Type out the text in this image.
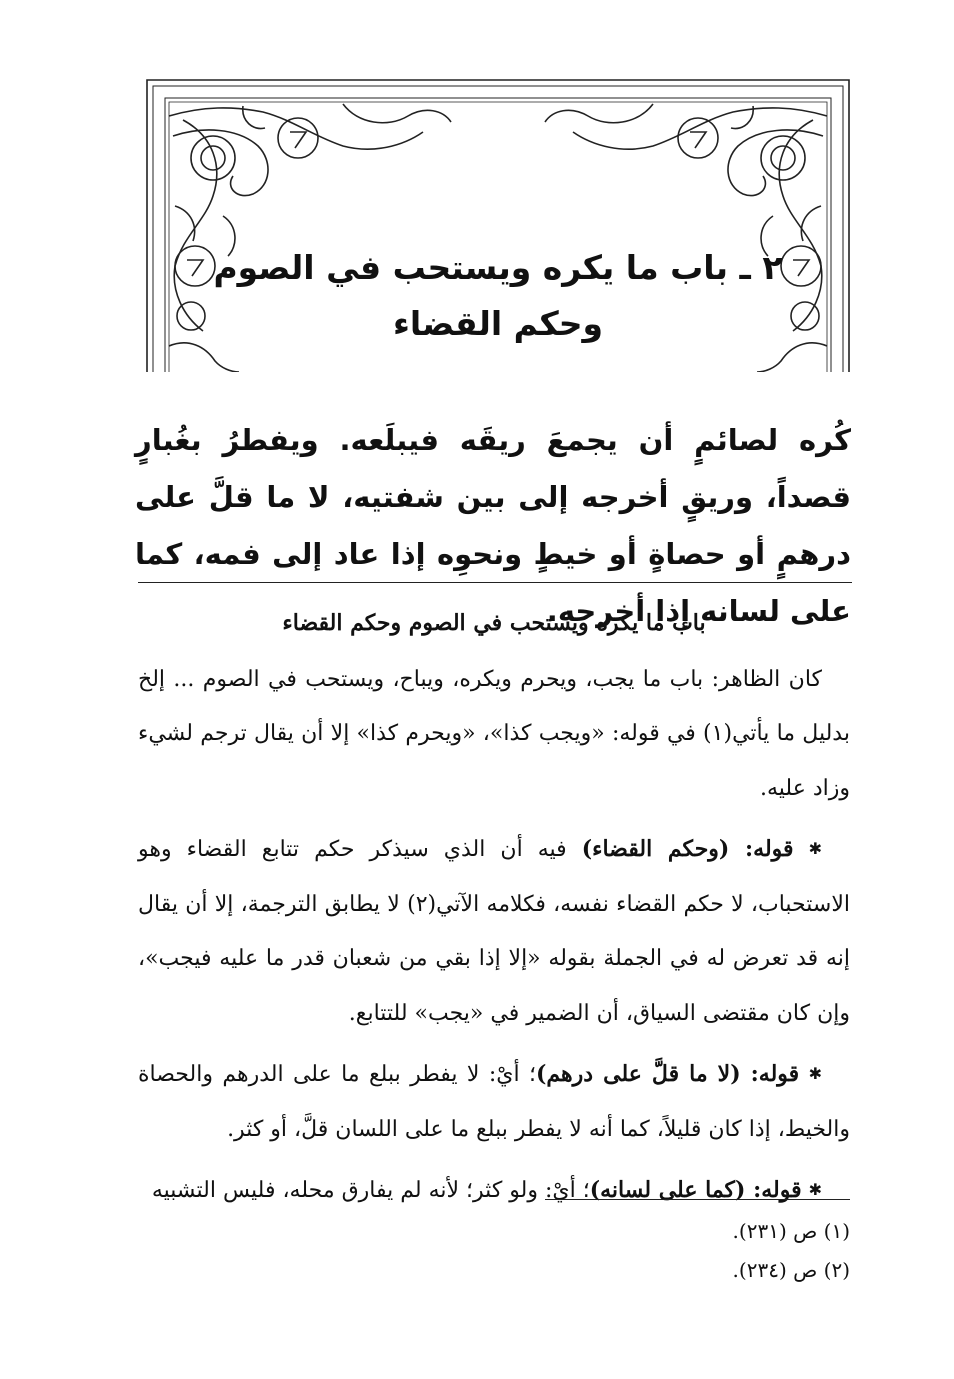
٢ ـ باب ما يكره ويستحب في الصوم
وحكم القضاء

كُره لصائمٍ أن يجمعَ ريقَه فيبلَعه. ويفطرُ بغُبارٍ قصداً، وريقٍ أخرجه إلى بين شفتيه، لا ما قلَّ على درهمٍ أو حصاةٍ أو خيطٍ ونحوِه إذا عاد إلى فمه، كما على لسانه إذا أخرجه.

باب ما يكره ويستحب في الصوم وحكم القضاء

كان الظاهر: باب ما يجب، ويحرم ويكره، ويباح، ويستحب في الصوم ... إلخ بدليل ما يأتي(١) في قوله: «ويجب كذا»، «ويحرم كذا» إلا أن يقال ترجم لشيء وزاد عليه.

✱ قوله: (وحكم القضاء) فيه أن الذي سيذكر حكم تتابع القضاء وهو الاستحباب، لا حكم القضاء نفسه، فكلامه الآتي(٢) لا يطابق الترجمة، إلا أن يقال إنه قد تعرض له في الجملة بقوله «إلا إذا بقي من شعبان قدر ما عليه فيجب»، وإن كان مقتضى السياق، أن الضمير في «يجب» للتتابع.

✱ قوله: (لا ما قلَّ على درهم)؛ أيْ: لا يفطر ببلع ما على الدرهم والحصاة والخيط، إذا كان قليلاً، كما أنه لا يفطر ببلع ما على اللسان قلَّ، أو كثر.

✱ قوله: (كما على لسانه)؛ أيْ: ولو كثر؛ لأنه لم يفارق محله، فليس التشبيه

(١) ص (٢٣١).
(٢) ص (٢٣٤).
